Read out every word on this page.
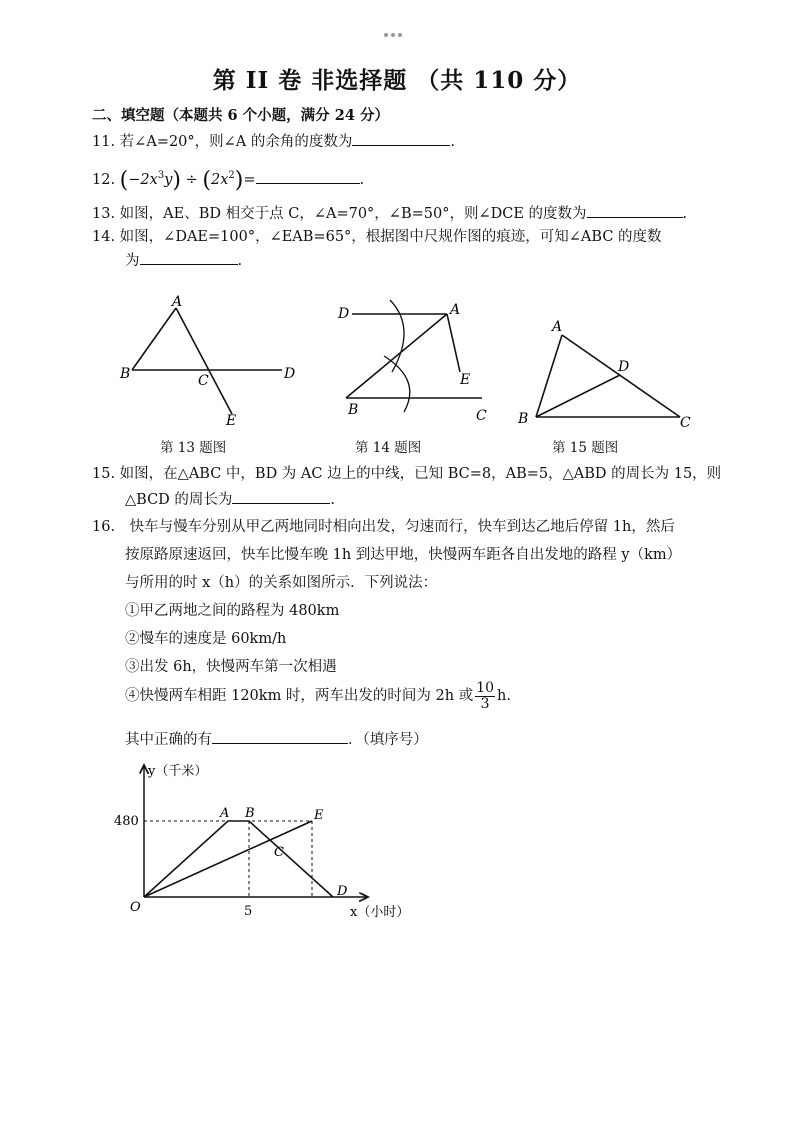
第 II 卷 非选择题 （共 110 分）
二、填空题（本题共 6 个小题，满分 24 分）
11. 若∠A=20°，则∠A 的余角的度数为	.
12. $(-2x^3y) \div (2x^2)=$	.
13. 如图，AE、BD 相交于点 C，∠A=70°，∠B=50°，则∠DCE 的度数为	.
14. 如图，∠DAE=100°，∠EAB=65°，根据图中尺规作图的痕迹，可知∠ABC 的度数
为	.
A
B	C	D
E
第 13 题图
D	A
E
B	C
第 14 题图
A
D
B	C
第 15 题图
15. 如图，在△ABC 中，BD 为 AC 边上的中线，已知 BC=8，AB=5，△ABD 的周长为 15，则
△BCD 的周长为	.
16. 快车与慢车分别从甲乙两地同时相向出发，匀速而行，快车到达乙地后停留 1h，然后
按原路原速返回，快车比慢车晚 1h 到达甲地，快慢两车距各自出发地的路程 y（km）
与所用的时 x（h）的关系如图所示．下列说法：
①甲乙两地之间的路程为 480km
②慢车的速度是 60km/h
③出发 6h，快慢两车第一次相遇
④快慢两车相距 120km 时，两车出发的时间为 2h 或 $\frac{10}{3} h$.
其中正确的有	．（填序号）
y（千米）
x（小时）
480
5
O
A B
C
D
E
